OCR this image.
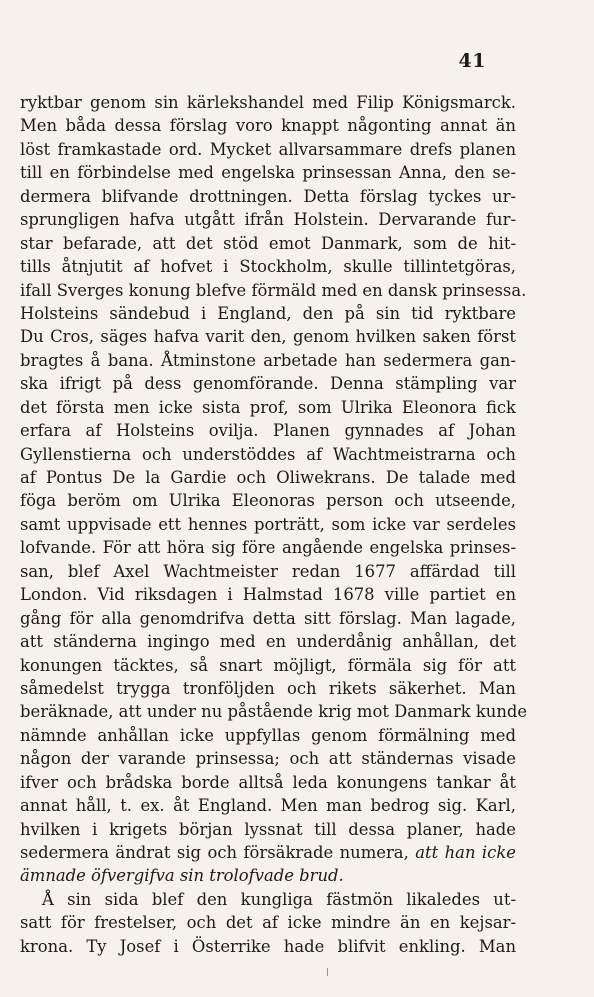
41
ryktbar genom sin kärlekshandel med Filip Königsmarck.
Men båda dessa förslag voro knappt någonting annat än
löst framkastade ord. Mycket allvarsammare drefs planen
till en förbindelse med engelska prinsessan Anna, den se-
dermera blifvande drottningen. Detta förslag tyckes ur-
sprungligen hafva utgått ifrån Holstein. Dervarande fur-
star befarade, att det stöd emot Danmark, som de hit-
tills åtnjutit af hofvet i Stockholm, skulle tillintetgöras,
ifall Sverges konung blefve förmäld med en dansk prinsessa.
Holsteins sändebud i England, den på sin tid ryktbare
Du Cros, säges hafva varit den, genom hvilken saken först
bragtes å bana. Åtminstone arbetade han sedermera gan-
ska ifrigt på dess genomförande. Denna stämpling var
det första men icke sista prof, som Ulrika Eleonora fick
erfara af Holsteins ovilja. Planen gynnades af Johan
Gyllenstierna och understöddes af Wachtmeistrarna och
af Pontus De la Gardie och Oliwekrans. De talade med
föga beröm om Ulrika Eleonoras person och utseende,
samt uppvisade ett hennes porträtt, som icke var serdeles
lofvande. För att höra sig före angående engelska prinses-
san, blef Axel Wachtmeister redan 1677 affärdad till
London. Vid riksdagen i Halmstad 1678 ville partiet en
gång för alla genomdrifva detta sitt förslag. Man lagade,
att ständerna ingingo med en underdånig anhållan, det
konungen täcktes, så snart möjligt, förmäla sig för att
såmedelst trygga tronföljden och rikets säkerhet. Man
beräknade, att under nu påstående krig mot Danmark kunde
nämnde anhållan icke uppfyllas genom förmälning med
någon der varande prinsessa; och att ständernas visade
ifver och brådska borde alltså leda konungens tankar åt
annat håll, t. ex. åt England. Men man bedrog sig. Karl,
hvilken i krigets början lyssnat till dessa planer, hade
sedermera ändrat sig och försäkrade numera, att han icke
ämnade öfvergifva sin trolofvade brud.
Å sin sida blef den kungliga fästmön likaledes ut-
satt för frestelser, och det af icke mindre än en kejsar-
krona. Ty Josef i Österrike hade blifvit enkling. Man
